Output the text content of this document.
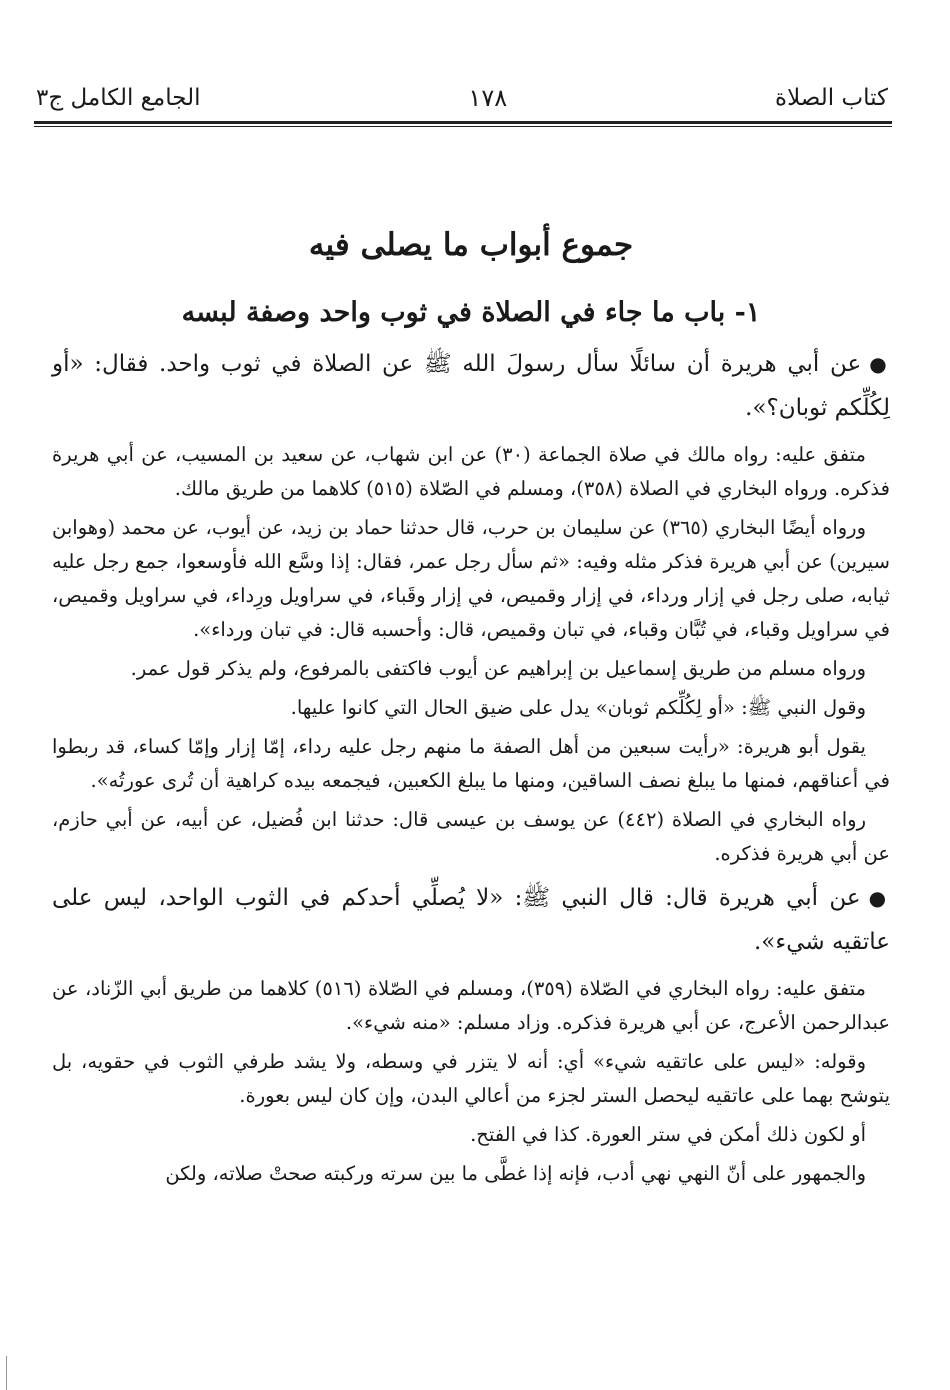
كتاب الصلاة
١٧٨
الجامع الكامل ج٣
جموع أبواب ما يصلى فيه
١- باب ما جاء في الصلاة في ثوب واحد وصفة لبسه

●عن أبي هريرة أن سائلًا سأل رسولَ الله ﷺ عن الصلاة في ثوب واحد. فقال: «أو لِكُلِّكم ثوبان؟».

متفق عليه: رواه مالك في صلاة الجماعة (٣٠) عن ابن شهاب، عن سعيد بن المسيب، عن أبي هريرة فذكره. ورواه البخاري في الصلاة (٣٥٨)، ومسلم في الصّلاة (٥١٥) كلاهما من طريق مالك.

ورواه أيضًا البخاري (٣٦٥) عن سليمان بن حرب، قال حدثنا حماد بن زيد، عن أيوب، عن محمد (وهوابن سيرين) عن أبي هريرة فذكر مثله وفيه: «ثم سأل رجل عمر، فقال: إذا وسَّع الله فأوسعوا، جمع رجل عليه ثيابه، صلى رجل في إزار ورداء، في إزار وقميص، في إزار وقَباء، في سراويل ورِداء، في سراويل وقميص، في سراويل وقباء، في تُبَّان وقباء، في تبان وقميص، قال: وأحسبه قال: في تبان ورداء».

ورواه مسلم من طريق إسماعيل بن إبراهيم عن أيوب فاكتفى بالمرفوع، ولم يذكر قول عمر.

وقول النبي ﷺ: «أو لِكُلِّكم ثوبان» يدل على ضيق الحال التي كانوا عليها.

يقول أبو هريرة: «رأيت سبعين من أهل الصفة ما منهم رجل عليه رداء، إمّا إزار وإمّا كساء، قد ربطوا في أعناقهم، فمنها ما يبلغ نصف الساقين، ومنها ما يبلغ الكعبين، فيجمعه بيده كراهية أن تُرى عورتُه».

رواه البخاري في الصلاة (٤٤٢) عن يوسف بن عيسى قال: حدثنا ابن فُضيل، عن أبيه، عن أبي حازم، عن أبي هريرة فذكره.

●عن أبي هريرة قال: قال النبي ﷺ: «لا يُصلِّي أحدكم في الثوب الواحد، ليس على عاتقيه شيء».

متفق عليه: رواه البخاري في الصّلاة (٣٥٩)، ومسلم في الصّلاة (٥١٦) كلاهما من طريق أبي الزّناد، عن عبدالرحمن الأعرج، عن أبي هريرة فذكره. وزاد مسلم: «منه شيء».

وقوله: «ليس على عاتقيه شيء» أي: أنه لا يتزر في وسطه، ولا يشد طرفي الثوب في حقويه، بل يتوشح بهما على عاتقيه ليحصل الستر لجزء من أعالي البدن، وإن كان ليس بعورة.

أو لكون ذلك أمكن في ستر العورة. كذا في الفتح.

والجمهور على أنّ النهي نهي أدب، فإنه إذا غطَّى ما بين سرته وركبته صحتْ صلاته، ولكن
